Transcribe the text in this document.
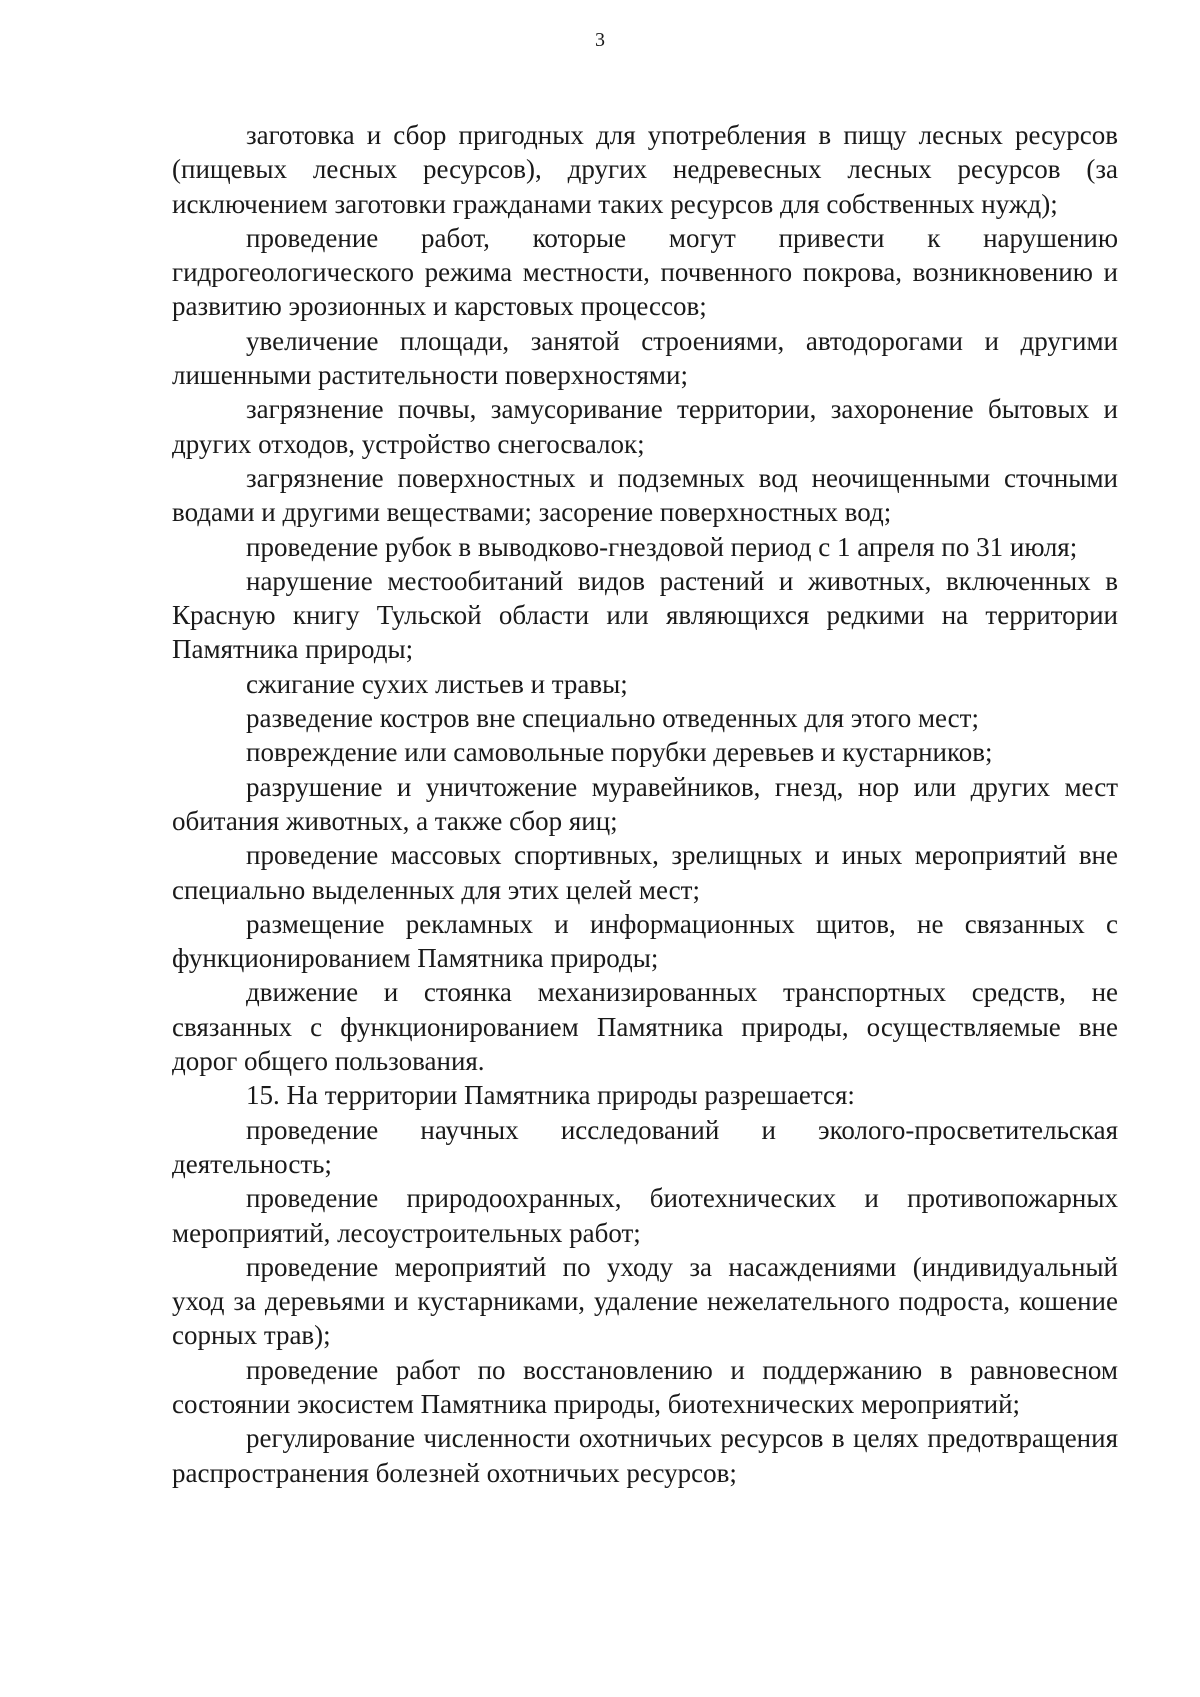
3

заготовка и сбор пригодных для употребления в пищу лесных ресурсов (пищевых лесных ресурсов), других недревесных лесных ресурсов (за исключением заготовки гражданами таких ресурсов для собственных нужд);

проведение работ, которые могут привести к нарушению гидрогеологического режима местности, почвенного покрова, возникновению и развитию эрозионных и карстовых процессов;

увеличение площади, занятой строениями, автодорогами и другими лишенными растительности поверхностями;

загрязнение почвы, замусоривание территории, захоронение бытовых и других отходов, устройство снегосвалок;

загрязнение поверхностных и подземных вод неочищенными сточными водами и другими веществами; засорение поверхностных вод;

проведение рубок в выводково-гнездовой период с 1 апреля по 31 июля;

нарушение местообитаний видов растений и животных, включенных в Красную книгу Тульской области или являющихся редкими на территории Памятника природы;

сжигание сухих листьев и травы;

разведение костров вне специально отведенных для этого мест;

повреждение или самовольные порубки деревьев и кустарников;

разрушение и уничтожение муравейников, гнезд, нор или других мест обитания животных, а также сбор яиц;

проведение массовых спортивных, зрелищных и иных мероприятий вне специально выделенных для этих целей мест;

размещение рекламных и информационных щитов, не связанных с функционированием Памятника природы;

движение и стоянка механизированных транспортных средств, не связанных с функционированием Памятника природы, осуществляемые вне дорог общего пользования.

15. На территории Памятника природы разрешается:

проведение научных исследований и эколого-просветительская деятельность;

проведение природоохранных, биотехнических и противопожарных мероприятий, лесоустроительных работ;

проведение мероприятий по уходу за насаждениями (индивидуальный уход за деревьями и кустарниками, удаление нежелательного подроста, кошение сорных трав);

проведение работ по восстановлению и поддержанию в равновесном состоянии экосистем Памятника природы, биотехнических мероприятий;

регулирование численности охотничьих ресурсов в целях предотвращения распространения болезней охотничьих ресурсов;
